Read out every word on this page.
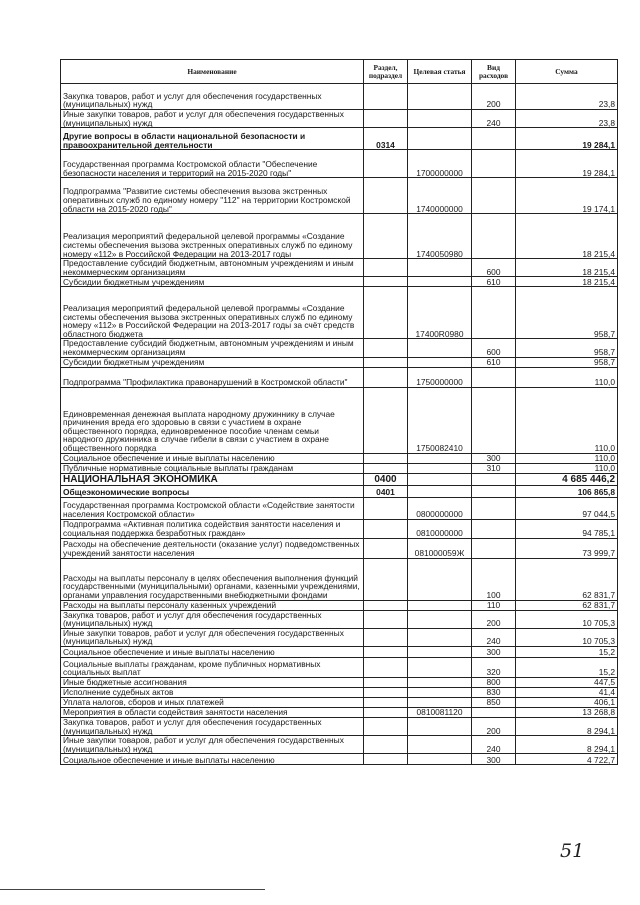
Наименование	Раздел, подраздел	Целевая статья	Вид расходов	Сумма
Закупка товаров, работ и услуг для обеспечения государственных (муниципальных) нужд			200	23,8
Иные закупки товаров, работ и услуг для обеспечения государственных (муниципальных) нужд			240	23,8
Другие вопросы в области национальной безопасности и правоохранительной деятельности	0314			19 284,1
Государственная программа Костромской области "Обеспечение безопасности населения и территорий на 2015-2020 годы"		1700000000		19 284,1
Подпрограмма "Развитие системы обеспечения вызова экстренных оперативных служб по единому номеру "112" на территории Костромской области на 2015-2020 годы"		1740000000		19 174,1
Реализация мероприятий федеральной целевой программы «Создание системы обеспечения вызова экстренных оперативных служб по единому номеру «112» в Российской Федерации на 2013-2017 годы		1740050980		18 215,4
Предоставление субсидий бюджетным, автономным учреждениям и иным некоммерческим организациям			600	18 215,4
Субсидии бюджетным учреждениям			610	18 215,4
Реализация мероприятий федеральной целевой программы «Создание системы обеспечения вызова экстренных оперативных служб по единому номеру «112» в Российской Федерации на 2013-2017 годы за счёт средств областного бюджета		17400R0980		958,7
Предоставление субсидий бюджетным, автономным учреждениям и иным некоммерческим организациям			600	958,7
Субсидии бюджетным учреждениям			610	958,7
Подпрограмма "Профилактика правонарушений в Костромской области"		1750000000		110,0
Единовременная денежная выплата народному дружиннику в случае причинения вреда его здоровью в связи с участием в охране общественного порядка, единовременное пособие членам семьи народного дружинника в случае гибели в связи с участием в охране общественного порядка		1750082410		110,0
Социальное обеспечение и иные выплаты населению			300	110,0
Публичные нормативные социальные выплаты гражданам			310	110,0
НАЦИОНАЛЬНАЯ ЭКОНОМИКА	0400			4 685 446,2
Общеэкономические вопросы	0401			106 865,8
Государственная программа Костромской области «Содействие занятости населения Костромской области»		0800000000		97 044,5
Подпрограмма «Активная политика содействия занятости населения и социальная поддержка безработных граждан»		0810000000		94 785,1
Расходы на обеспечение деятельности (оказание услуг) подведомственных учреждений занятости населения		081000059Ж		73 999,7
Расходы на выплаты персоналу в целях обеспечения выполнения функций государственными (муниципальными) органами, казенными учреждениями, органами управления государственными внебюджетными фондами			100	62 831,7
Расходы на выплаты персоналу казенных учреждений			110	62 831,7
Закупка товаров, работ и услуг для обеспечения государственных (муниципальных) нужд			200	10 705,3
Иные закупки товаров, работ и услуг для обеспечения государственных (муниципальных) нужд			240	10 705,3
Социальное обеспечение и иные выплаты населению			300	15,2
Социальные выплаты гражданам, кроме публичных нормативных социальных выплат			320	15,2
Иные бюджетные ассигнования			800	447,5
Исполнение судебных актов			830	41,4
Уплата налогов, сборов и иных платежей			850	406,1
Мероприятия в области содействия занятости населения		0810081120		13 268,8
Закупка товаров, работ и услуг для обеспечения государственных (муниципальных) нужд			200	8 294,1
Иные закупки товаров, работ и услуг для обеспечения государственных (муниципальных) нужд			240	8 294,1
Социальное обеспечение и иные выплаты населению			300	4 722,7
51
